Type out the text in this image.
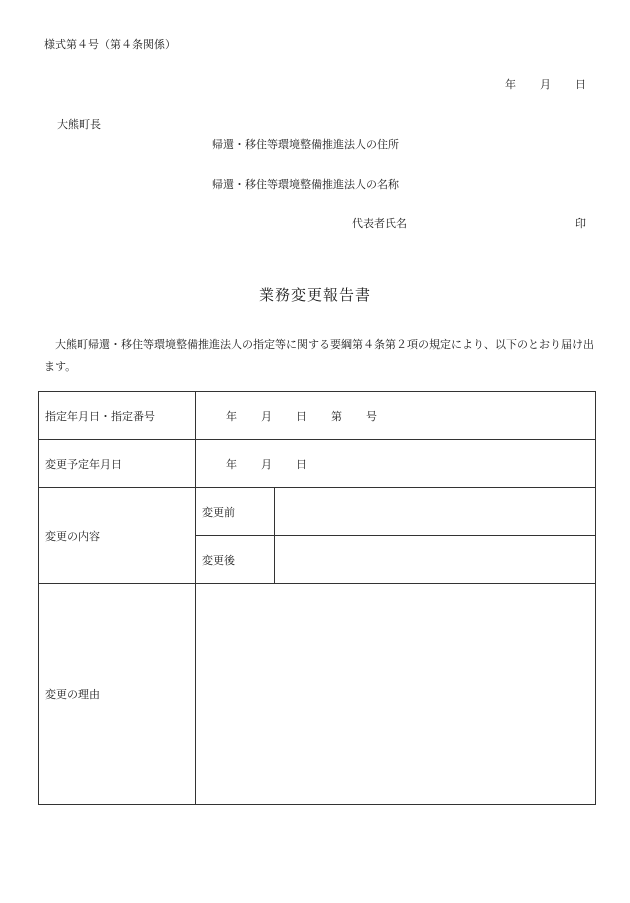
様式第４号（第４条関係）
年 月 日
大熊町長
帰還・移住等環境整備推進法人の住所
帰還・移住等環境整備推進法人の名称
代表者氏名	印
業務変更報告書
大熊町帰還・移住等環境整備推進法人の指定等に関する要綱第４条第２項の規定により、以下のとおり届け出ます。
指定年月日・指定番号	年 月 日 第 号	
変更予定年月日	年 月 日	
変更の内容	変更前	
	変更後	
変更の理由		
